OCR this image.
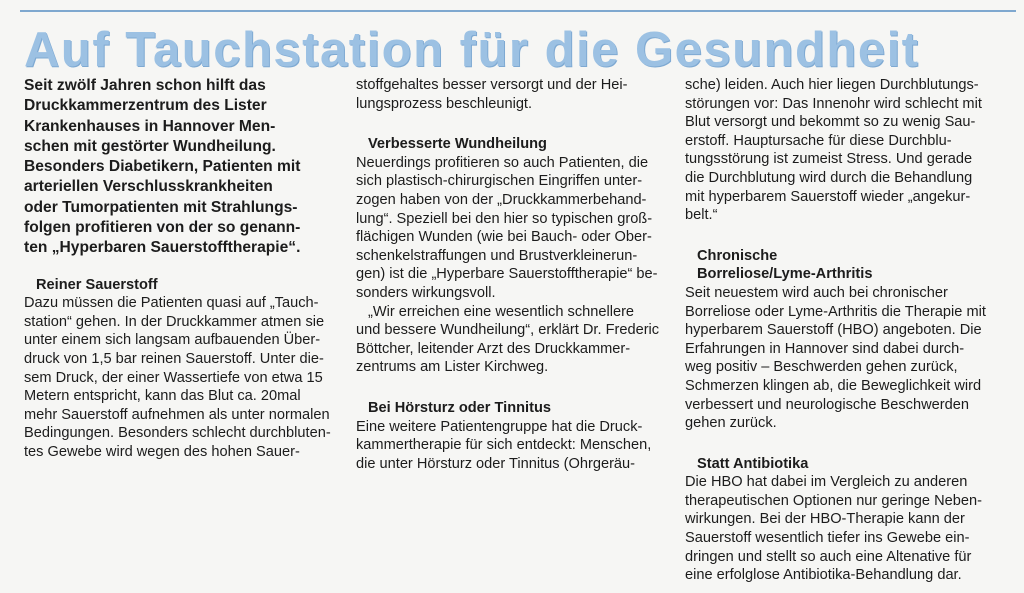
Auf Tauchstation für die Gesundheit
Seit zwölf Jahren schon hilft das
Druckkammerzentrum des Lister
Krankenhauses in Hannover Men-
schen mit gestörter Wundheilung.
Besonders Diabetikern, Patienten mit
arteriellen Verschlusskrankheiten
oder Tumorpatienten mit Strahlungs-
folgen profitieren von der so genann-
ten „Hyperbaren Sauerstofftherapie“.
Reiner Sauerstoff
Dazu müssen die Patienten quasi auf „Tauch-
station“ gehen. In der Druckkammer atmen sie
unter einem sich langsam aufbauenden Über-
druck von 1,5 bar reinen Sauerstoff. Unter die-
sem Druck, der einer Wassertiefe von etwa 15
Metern entspricht, kann das Blut ca. 20mal
mehr Sauerstoff aufnehmen als unter normalen
Bedingungen. Besonders schlecht durchbluten-
tes Gewebe wird wegen des hohen Sauer-
stoffgehaltes besser versorgt und der Hei-
lungsprozess beschleunigt.
Verbesserte Wundheilung
Neuerdings profitieren so auch Patienten, die
sich plastisch-chirurgischen Eingriffen unter-
zogen haben von der „Druckkammerbehand-
lung“. Speziell bei den hier so typischen groß-
flächigen Wunden (wie bei Bauch- oder Ober-
schenkelstraffungen und Brustverkleinerun-
gen) ist die „Hyperbare Sauerstofftherapie“ be-
sonders wirkungsvoll.
„Wir erreichen eine wesentlich schnellere
und bessere Wundheilung“, erklärt Dr. Frederic
Böttcher, leitender Arzt des Druckkammer-
zentrums am Lister Kirchweg.
Bei Hörsturz oder Tinnitus
Eine weitere Patientengruppe hat die Druck-
kammertherapie für sich entdeckt: Menschen,
die unter Hörsturz oder Tinnitus (Ohrgeräu-
sche) leiden. Auch hier liegen Durchblutungs-
störungen vor: Das Innenohr wird schlecht mit
Blut versorgt und bekommt so zu wenig Sau-
erstoff. Hauptursache für diese Durchblu-
tungsstörung ist zumeist Stress. Und gerade
die Durchblutung wird durch die Behandlung
mit hyperbarem Sauerstoff wieder „angekur-
belt.“
Chronische
Borreliose/Lyme-Arthritis
Seit neuestem wird auch bei chronischer
Borreliose oder Lyme-Arthritis die Therapie mit
hyperbarem Sauerstoff (HBO) angeboten. Die
Erfahrungen in Hannover sind dabei durch-
weg positiv – Beschwerden gehen zurück,
Schmerzen klingen ab, die Beweglichkeit wird
verbessert und neurologische Beschwerden
gehen zurück.
Statt Antibiotika
Die HBO hat dabei im Vergleich zu anderen
therapeutischen Optionen nur geringe Neben-
wirkungen. Bei der HBO-Therapie kann der
Sauerstoff wesentlich tiefer ins Gewebe ein-
dringen und stellt so auch eine Altenative für
eine erfolglose Antibiotika-Behandlung dar.
